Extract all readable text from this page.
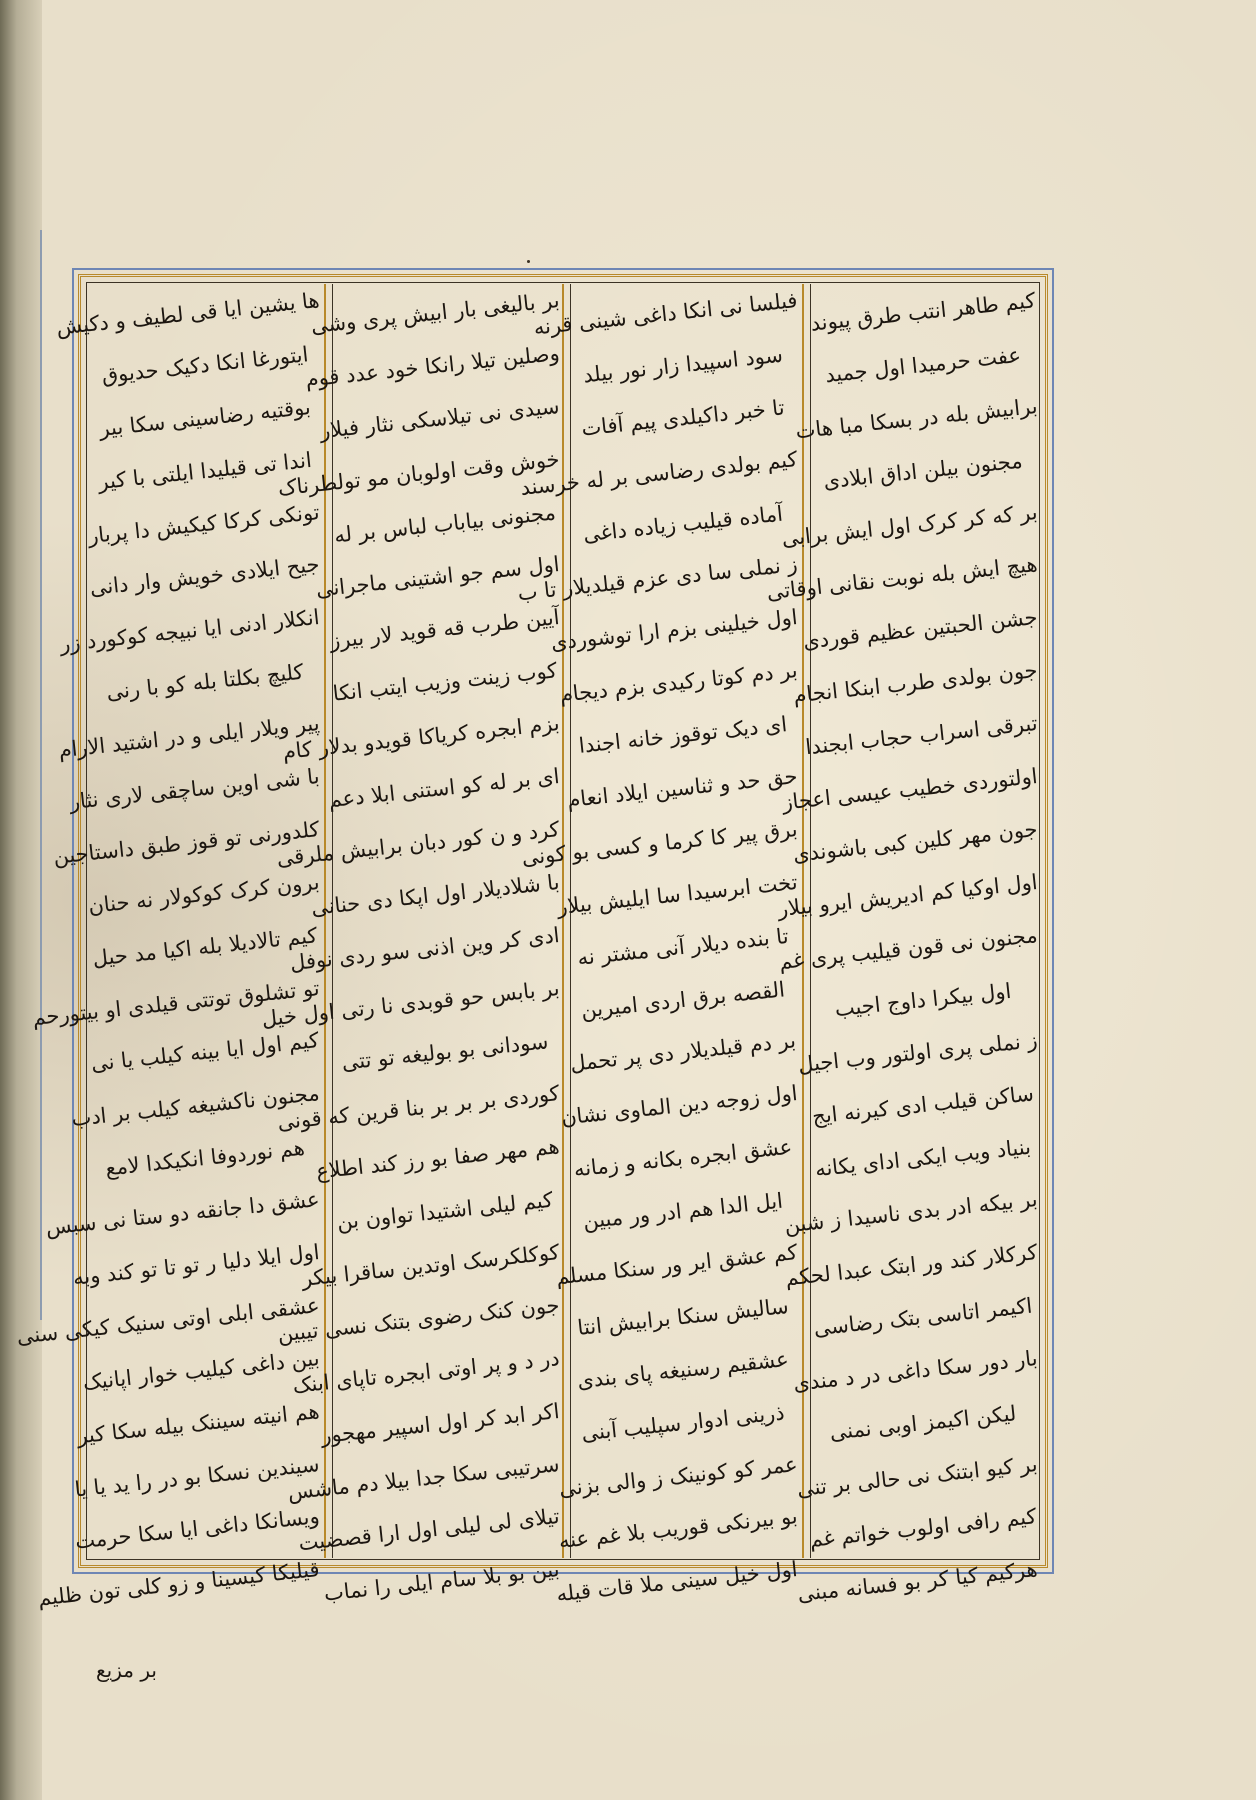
کیم طاهر انتب طرق پیوند

عفت حرمیدا اول جمید

برابیش بله در بسکا مبا هات

مجنون بیلن اداق ابلادی

بر که کر کرک اول ایش برابی

هیچ ایش بله نوبت نقانی اوقاتی

جشن الحبتین عظیم قوردی

جون بولدی طرب ابنکا انجام

تبرقی اسراب حجاب ابجندا

اولتوردی خطیب عیسی اعجاز

جون مهر کلین کبی باشوندی

اول اوکیا کم ادیریش ایرو بیلار

مجنون نی قون قیلیب پری غم

اول بیکرا داوج اجیب

ز نملی پری اولتور وب اجیل

ساکن قیلب ادی کیرنه ایج

بنیاد ویب ایکی ادای یکانه

بر بیکه ادر بدی ناسیدا ز شبن

کرکلار کند ور ابتک عبدا لحکم

اکیمر اتاسی بتک رضاسی

بار دور سکا داغی در د مندی

لیکن اکیمز اوبی نمنی

بر کیو ابتنک نی حالی بر تنی

کیم رافی اولوب خواتم غم

هرکیم کیا کر بو فسانه مبنی

فیلسا نی انکا داغی شینی قرنه

سود اسپیدا زار نور بیلد

تا خبر داکیلدی پیم آفات

کیم بولدی رضاسی بر له خرسند

آماده قیلیب زیاده داغی

ز نملی سا دی عزم قیلدیلار تا ب

اول خیلینی بزم ارا توشوردی

بر دم کوتا رکیدی بزم دیجام

ای دیک توقوز خانه اجندا

حق حد و ثناسین ایلاد انعام

برق پیر کا کرما و کسی بو کونی

تخت ابرسیدا سا ایلیش بیلار

تا بنده دیلار آنی مشتر نه

القصه برق اردی امیرین

بر دم قیلدیلار دی پر تحمل

اول زوجه دین الماوی نشان

عشق ابجره بکانه و زمانه

ایل الدا هم ادر ور مبین

کم عشق ایر ور سنکا مسلم

سالیش سنکا برابیش انتا

عشقیم رسنیغه پای بندی

ذرینی ادوار سپلیب آبنی

عمر کو کونینک ز والی بزنی

بو بیرنکی قوریب بلا غم عنه

اول خیل سینی ملا قات قیله

بر بالیغی بار ابیش پری وشی

وصلین تیلا رانکا خود عدد قوم

سیدی نی تیلاسکی نثار فیلار

خوش وقت اولوبان مو تولطرناک

مجنونی بیاباب لباس بر له

اول سم جو اشتینی ماجرانی

آیین طرب قه قوید لار بیرز

کوب زینت وزیب ایتب انکا

بزم ابجره کریاکا قویدو بدلار کام

ای بر له کو استنی ابلا دعم

کرد و ن کور دبان برابیش ملرقی

با شلادیلار اول اپکا دی حنانی

ادی کر وین اذنی سو ردی نوفل

بر بابس حو قوبدی نا رتی اول خیل

سودانی بو بولیغه تو تتی

کوردی بر بر بر بنا قرین که قونی

هم مهر صفا بو رز کند اطلاع

کیم لیلی اشتیدا تواون بن

کوکلکرسک اوتدین ساقرا بیکر

جون کنک رضوی بتنک نسی تیبین

در د و پر اوتی ابجره تاپای ابنک

اکر ابد کر اول اسپیر مهجور

سرتیبی سکا جدا بیلا دم ماشس

تیلای لی لیلی اول ارا قصضیت

بین بو بلا سام ایلی را نماب

ها یشین ایا قی لطیف و دکیش

ایتورغا انکا دکیک حدیوق

بوقتیه رضاسینی سکا بیر

اندا تی قیلیدا ایلتی با کیر

تونکی کرکا کیکیش دا پربار

جیح ایلادی خویش وار دانی

انکلار ادنی ایا نبیجه کوکورد زر

کلیچ بکلتا بله کو با رنی

پیر ویلار ایلی و در اشتید الارام

با شی اوین ساچقی لاری نثار

کلدورنی تو قوز طبق داستاجین

برون کرک کوکولار نه حنان

کیم تالادیلا بله اکیا مد حیل

تو تشلوق توتتی قیلدی او بیتورحم

کیم اول ایا بینه کیلب یا نی

مجنون ناکشیغه کیلب بر ادب

هم نوردوفا انکیکدا لامع

عشق دا جانقه دو ستا نی سبس

اول ایلا دلیا ر تو تا تو کند وبه

عشقی ابلی اوتی سنیک کیکی سنی

بین داغی کیلیب خوار اپانیک

هم انیته سیننک بیله سکا کیر

سیندین نسکا بو در را ید یا یا

ویسانکا داغی ایا سکا حرمت

قیلیکا کیسینا و زو کلی تون ظلیم

بر مزیع
